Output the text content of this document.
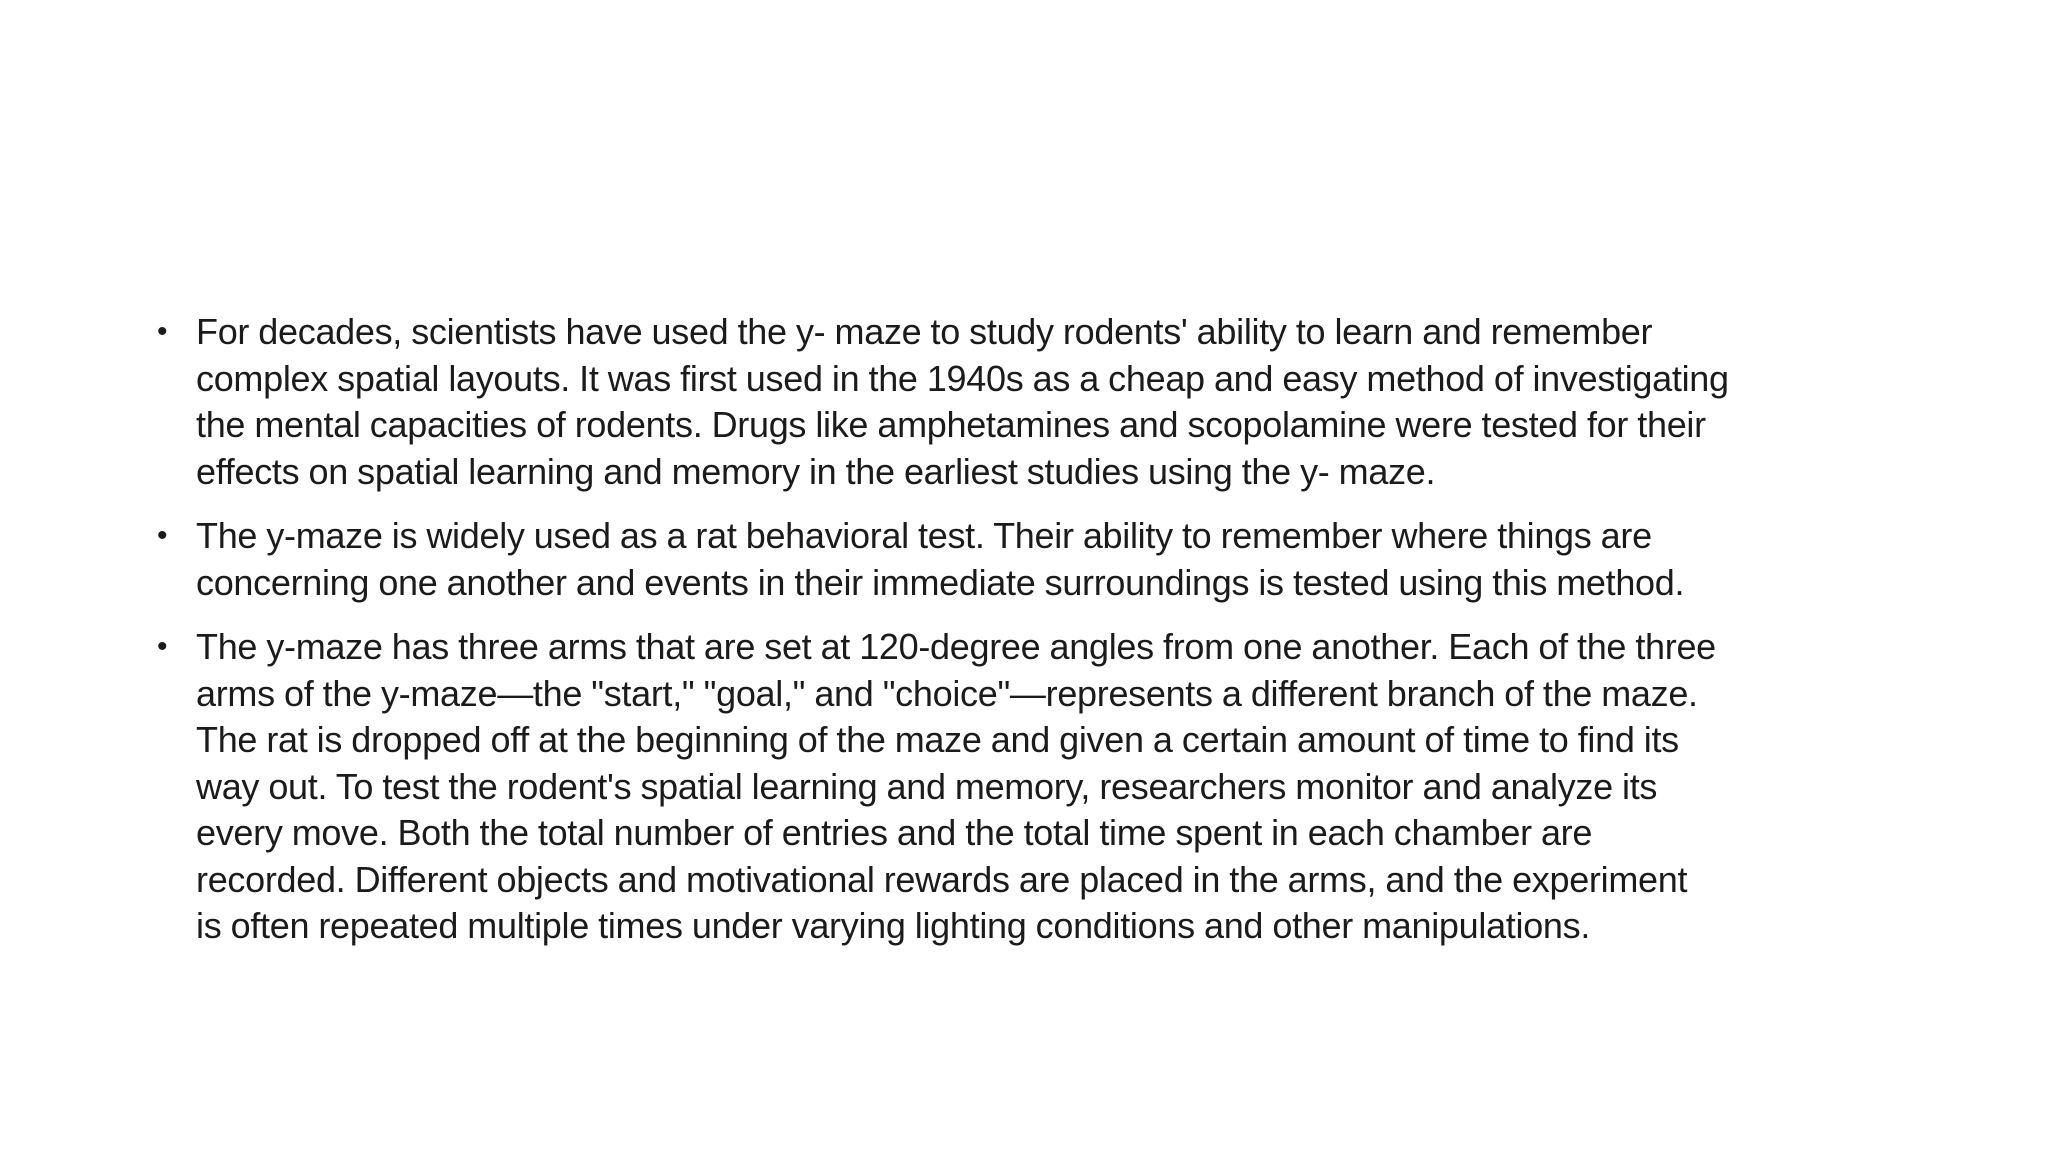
• For decades, scientists have used the y- maze to study rodents' ability to learn and remember
complex spatial layouts. It was first used in the 1940s as a cheap and easy method of investigating
the mental capacities of rodents. Drugs like amphetamines and scopolamine were tested for their
effects on spatial learning and memory in the earliest studies using the y- maze.
• The y-maze is widely used as a rat behavioral test. Their ability to remember where things are
concerning one another and events in their immediate surroundings is tested using this method.
• The y-maze has three arms that are set at 120-degree angles from one another. Each of the three
arms of the y-maze—the "start," "goal," and "choice"—represents a different branch of the maze.
The rat is dropped off at the beginning of the maze and given a certain amount of time to find its
way out. To test the rodent's spatial learning and memory, researchers monitor and analyze its
every move. Both the total number of entries and the total time spent in each chamber are
recorded. Different objects and motivational rewards are placed in the arms, and the experiment
is often repeated multiple times under varying lighting conditions and other manipulations.
